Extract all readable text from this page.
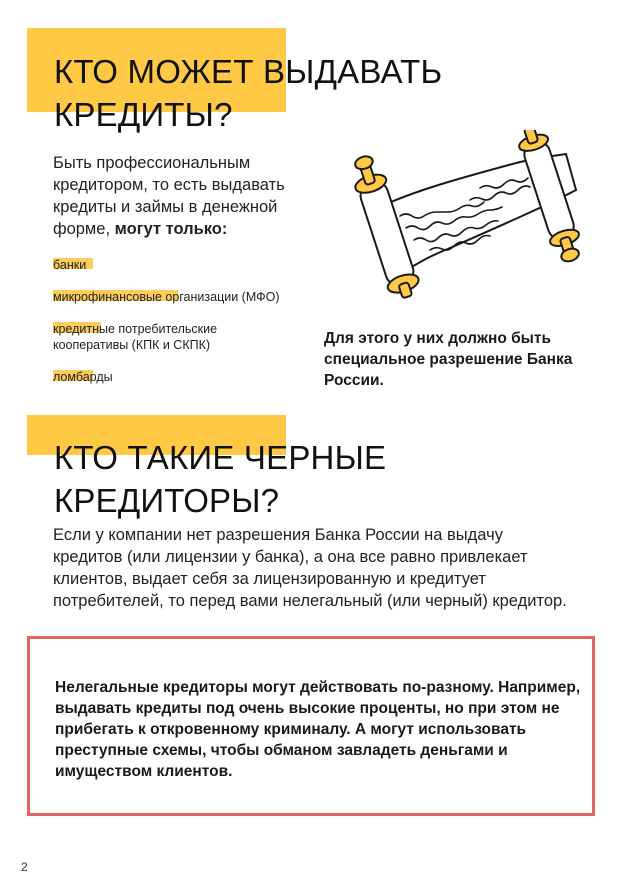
КТО МОЖЕТ ВЫДАВАТЬ
КРЕДИТЫ?

Быть профессиональным кредитором, то есть выдавать кредиты и займы в денежной форме, могут только:

банки
микрофинансовые организации (МФО)
кредитные потребительские кооперативы (КПК и СКПК)
ломбарды

Для этого у них должно быть специальное разрешение Банка России.

КТО ТАКИЕ ЧЕРНЫЕ
КРЕДИТОРЫ?

Если у компании нет разрешения Банка России на выдачу кредитов (или лицензии у банка), а она все равно привлекает клиентов, выдает себя за лицензированную и кредитует потребителей, то перед вами нелегальный (или черный) кредитор.

Нелегальные кредиторы могут действовать по-разному. Например, выдавать кредиты под очень высокие проценты, но при этом не прибегать к откровенному криминалу. А могут использовать преступные схемы, чтобы обманом завладеть деньгами и имуществом клиентов.

2
